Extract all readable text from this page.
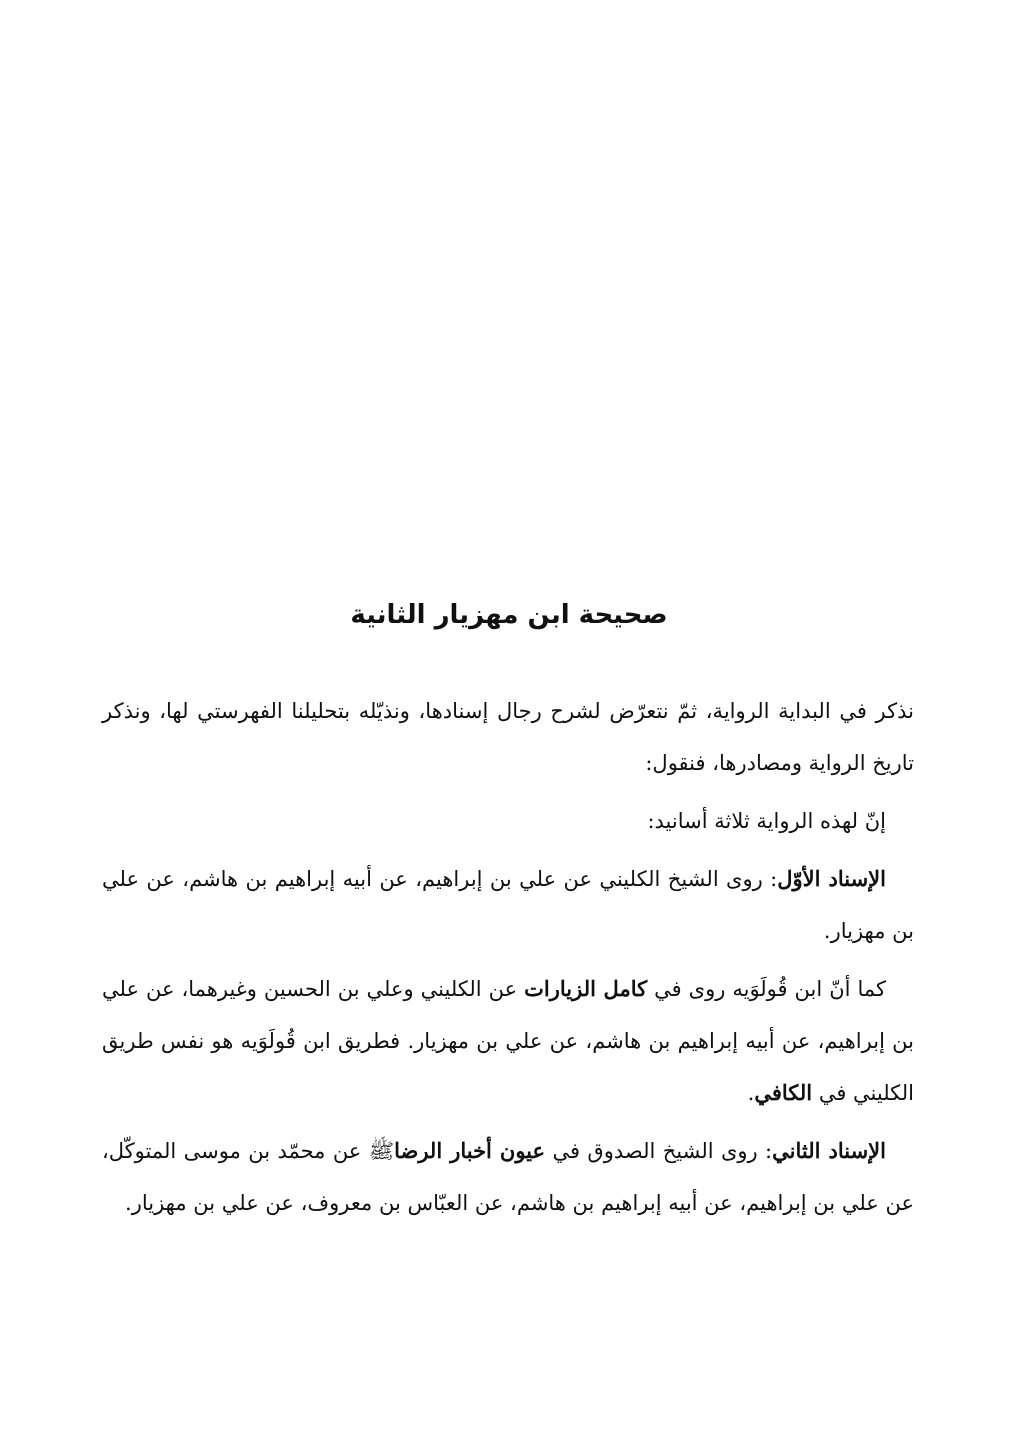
صحيحة ابن مهزيار الثانية

نذكر في البداية الرواية، ثمّ نتعرّض لشرح رجال إسنادها، ونذيّله بتحليلنا الفهرستي لها، ونذكر تاريخ الرواية ومصادرها، فنقول:

إنّ لهذه الرواية ثلاثة أسانيد:

الإسناد الأوّل: روى الشيخ الكليني عن علي بن إبراهيم، عن أبيه إبراهيم بن هاشم، عن علي بن مهزيار.

كما أنّ ابن قُولَوَيه روى في كامل الزيارات عن الكليني وعلي بن الحسين وغيرهما، عن علي بن إبراهيم، عن أبيه إبراهيم بن هاشم، عن علي بن مهزيار. فطريق ابن قُولَوَيه هو نفس طريق الكليني في الكافي.

الإسناد الثاني: روى الشيخ الصدوق في عيون أخبار الرضاﷺ عن محمّد بن موسى المتوكّل، عن علي بن إبراهيم، عن أبيه إبراهيم بن هاشم، عن العبّاس بن معروف، عن علي بن مهزيار.
